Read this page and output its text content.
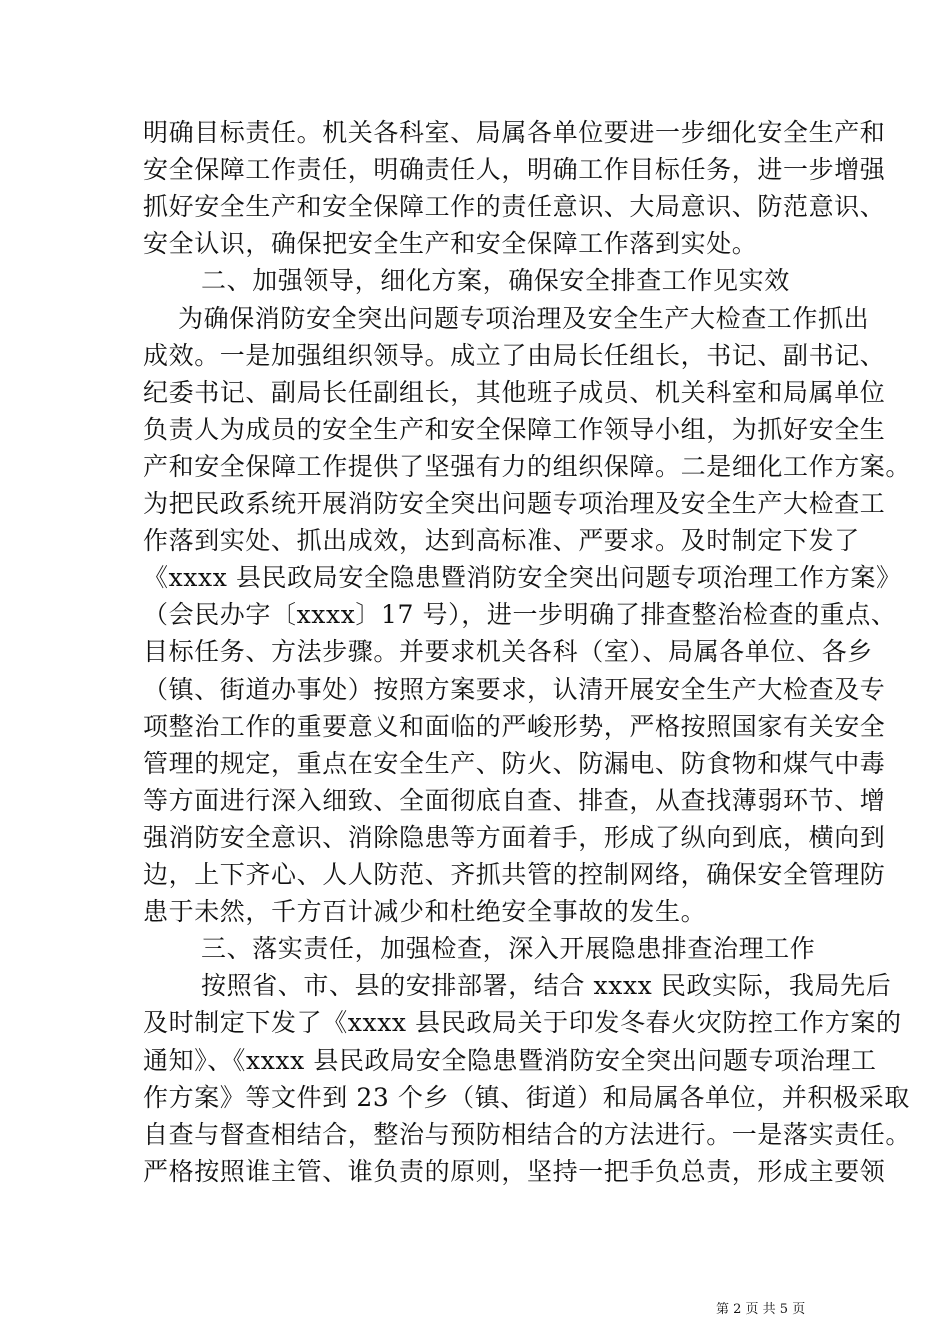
明确目标责任。机关各科室、局属各单位要进一步细化安全生产和
安全保障工作责任，明确责任人，明确工作目标任务，进一步增强
抓好安全生产和安全保障工作的责任意识、大局意识、防范意识、
安全认识，确保把安全生产和安全保障工作落到实处。
二、加强领导，细化方案，确保安全排查工作见实效
为确保消防安全突出问题专项治理及安全生产大检查工作抓出
成效。一是加强组织领导。成立了由局长任组长，书记、副书记、
纪委书记、副局长任副组长，其他班子成员、机关科室和局属单位
负责人为成员的安全生产和安全保障工作领导小组，为抓好安全生
产和安全保障工作提供了坚强有力的组织保障。二是细化工作方案。
为把民政系统开展消防安全突出问题专项治理及安全生产大检查工
作落到实处、抓出成效，达到高标准、严要求。及时制定下发了
《xxxx 县民政局安全隐患暨消防安全突出问题专项治理工作方案》
（会民办字〔xxxx〕17 号），进一步明确了排查整治检查的重点、
目标任务、方法步骤。并要求机关各科（室）、局属各单位、各乡
（镇、街道办事处）按照方案要求，认清开展安全生产大检查及专
项整治工作的重要意义和面临的严峻形势，严格按照国家有关安全
管理的规定，重点在安全生产、防火、防漏电、防食物和煤气中毒
等方面进行深入细致、全面彻底自查、排查，从查找薄弱环节、增
强消防安全意识、消除隐患等方面着手，形成了纵向到底，横向到
边，上下齐心、人人防范、齐抓共管的控制网络，确保安全管理防
患于未然，千方百计减少和杜绝安全事故的发生。
三、落实责任，加强检查，深入开展隐患排查治理工作
按照省、市、县的安排部署，结合 xxxx 民政实际，我局先后
及时制定下发了《xxxx 县民政局关于印发冬春火灾防控工作方案的
通知》、《xxxx 县民政局安全隐患暨消防安全突出问题专项治理工
作方案》等文件到 23 个乡（镇、街道）和局属各单位，并积极采取
自查与督查相结合，整治与预防相结合的方法进行。一是落实责任。
严格按照谁主管、谁负责的原则，坚持一把手负总责，形成主要领
第 2 页 共 5 页
